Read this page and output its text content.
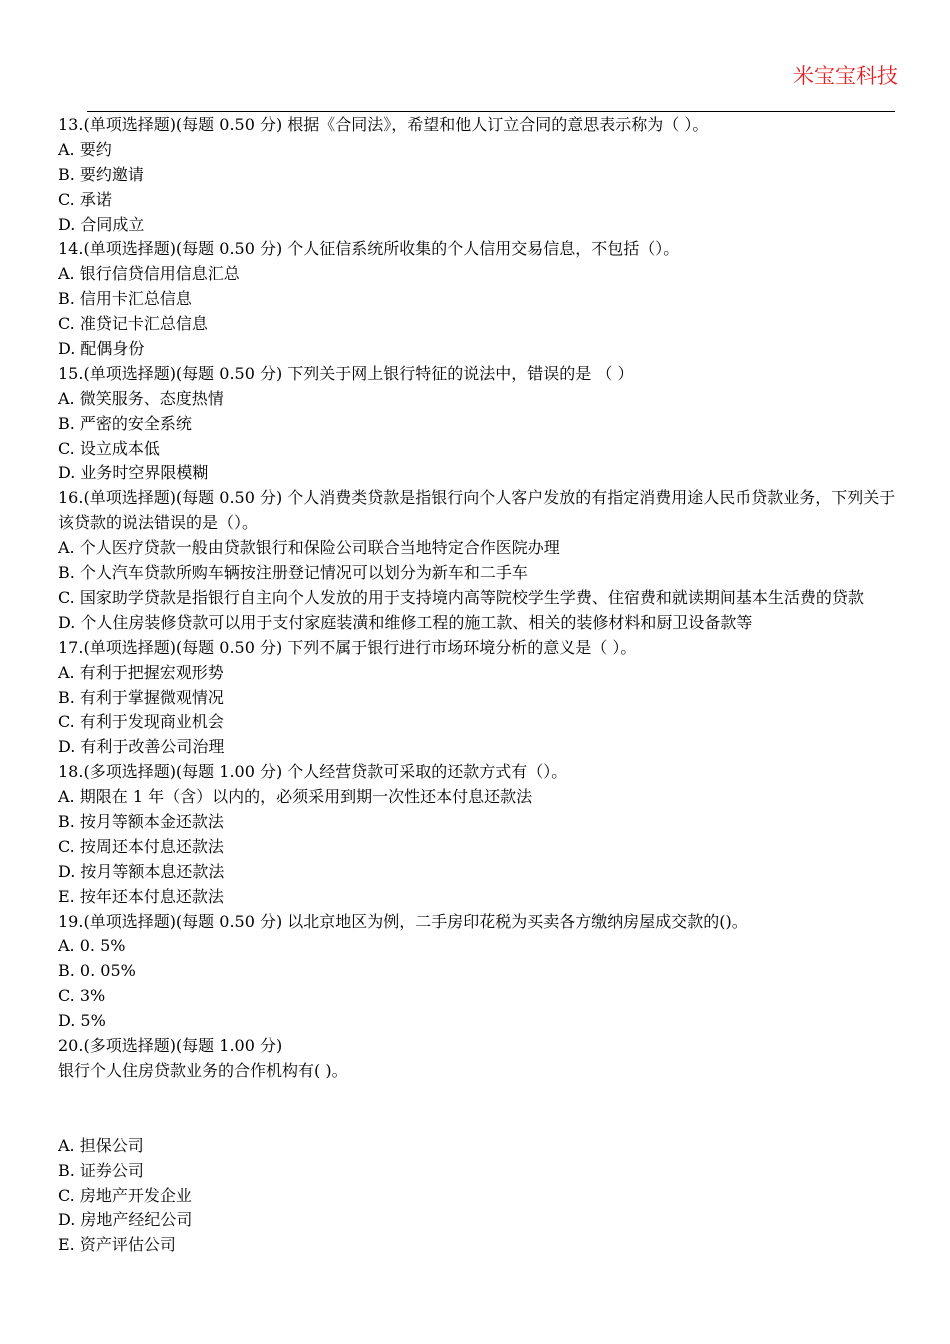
米宝宝科技
13.(单项选择题)(每题 0.50 分) 根据《合同法》，希望和他人订立合同的意思表示称为（ ）。
A. 要约
B. 要约邀请
C. 承诺
D. 合同成立
14.(单项选择题)(每题 0.50 分) 个人征信系统所收集的个人信用交易信息，不包括（）。
A. 银行信贷信用信息汇总
B. 信用卡汇总信息
C. 准贷记卡汇总信息
D. 配偶身份
15.(单项选择题)(每题 0.50 分) 下列关于网上银行特征的说法中，错误的是 （ ）
A. 微笑服务、态度热情
B. 严密的安全系统
C. 设立成本低
D. 业务时空界限模糊
16.(单项选择题)(每题 0.50 分) 个人消费类贷款是指银行向个人客户发放的有指定消费用途人民币贷款业务，下列关于该贷款的说法错误的是（）。
A. 个人医疗贷款一般由贷款银行和保险公司联合当地特定合作医院办理
B. 个人汽车贷款所购车辆按注册登记情况可以划分为新车和二手车
C. 国家助学贷款是指银行自主向个人发放的用于支持境内高等院校学生学费、住宿费和就读期间基本生活费的贷款
D. 个人住房装修贷款可以用于支付家庭装潢和维修工程的施工款、相关的装修材料和厨卫设备款等
17.(单项选择题)(每题 0.50 分) 下列不属于银行进行市场环境分析的意义是（ ）。
A. 有利于把握宏观形势
B. 有利于掌握微观情况
C. 有利于发现商业机会
D. 有利于改善公司治理
18.(多项选择题)(每题 1.00 分) 个人经营贷款可采取的还款方式有（）。
A. 期限在 1 年（含）以内的，必须采用到期一次性还本付息还款法
B. 按月等额本金还款法
C. 按周还本付息还款法
D. 按月等额本息还款法
E. 按年还本付息还款法
19.(单项选择题)(每题 0.50 分) 以北京地区为例，二手房印花税为买卖各方缴纳房屋成交款的()。
A. 0. 5%
B. 0. 05%
C. 3%
D. 5%
20.(多项选择题)(每题 1.00 分)
银行个人住房贷款业务的合作机构有( )。
A. 担保公司
B. 证券公司
C. 房地产开发企业
D. 房地产经纪公司
E. 资产评估公司
